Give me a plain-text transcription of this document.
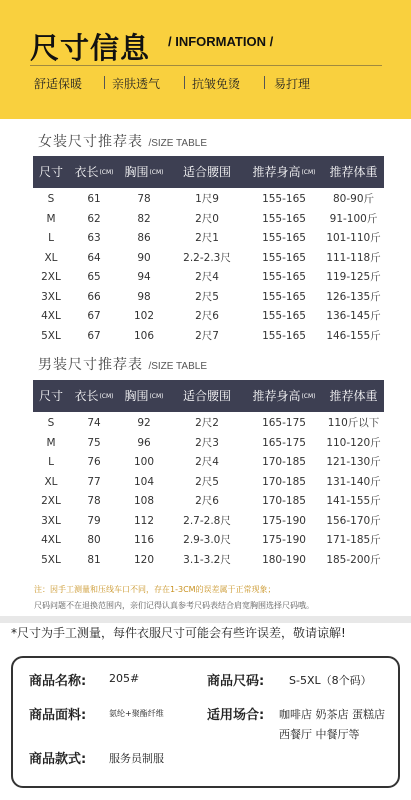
尺寸信息 / INFORMATION /
舒适保暖 亲肤透气	抗皱免烫	易打理
女装尺寸推荐表 /SIZE TABLE
尺寸 衣长(CM) 胸围(CM)	适合腰围	推荐身高(CM)	推荐体重
S	61	78	1尺9	155-165	80-90斤
M	62	82	2尺0	155-165	91-100斤
L	63	86	2尺1	155-165	101-110斤
XL	64	90	2.2-2.3尺	155-165	111-118斤
2XL	65	94	2尺4	155-165	119-125斤
3XL	66	98	2尺5	155-165	126-135斤
4XL	67	102	2尺6	155-165	136-145斤
5XL	67	106	2尺7	155-165	146-155斤
男装尺寸推荐表 /SIZE TABLE
尺寸 衣长(CM) 胸围(CM)	适合腰围	推荐身高(CM)	推荐体重
S	74	92	2尺2	165-175	110斤以下
M	75	96	2尺3	165-175	110-120斤
L	76	100	2尺4	170-185	121-130斤
XL	77	104	2尺5	170-185	131-140斤
2XL	78	108	2尺6	170-185	141-155斤
3XL	79	112	2.7-2.8尺	175-190	156-170斤
4XL	80	116	2.9-3.0尺	175-190	171-185斤
5XL	81	120	3.1-3.2尺	180-190	185-200斤
注：因手工测量和压线车口不同，存在1-3CM的误差属于正常现象；
尺码问题不在退换范围内，亲们记得认真参考尺码表结合肩宽胸围选择尺码哦。
*尺寸为手工测量，每件衣服尺寸可能会有些许误差，敬请谅解!
商品名称: 205#	商品尺码: S-5XL（8个码）
商品面料:	氨纶+聚酯纤维	适用场合: 咖啡店 奶茶店 蛋糕店
西餐厅 中餐厅等
商品款式: 服务员制服
